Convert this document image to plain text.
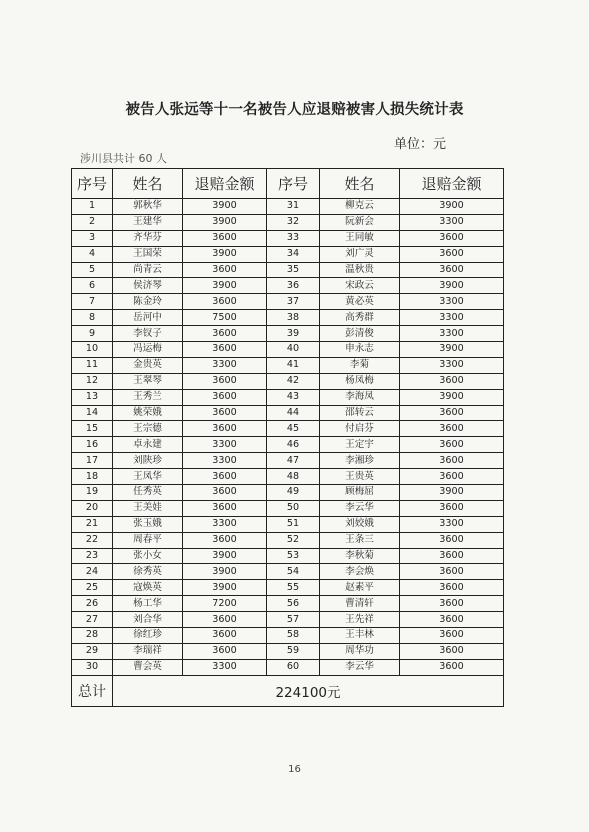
被告人张远等十一名被告人应退赔被害人损失统计表
单位：元
涉川县共计 60 人
序号	姓名	退赔金额	序号	姓名	退赔金额
1	郭秋华	3900	31	柳克云	3900
2	王建华	3900	32	阮新会	3300
3	齐华芬	3600	33	王同敏	3600
4	王国荣	3900	34	刘广灵	3600
5	尚青云	3600	35	温秋贵	3600
6	侯济琴	3900	36	宋政云	3900
7	陈金玲	3600	37	黄必英	3300
8	岳河中	7500	38	高秀群	3300
9	李钗子	3600	39	彭清俊	3300
10	冯运梅	3600	40	申永志	3900
11	金贵英	3300	41	李菊	3300
12	王翠琴	3600	42	杨凤梅	3600
13	王秀兰	3600	43	李海凤	3900
14	姚荣娥	3600	44	邵转云	3600
15	王宗德	3600	45	付启芬	3600
16	卓永建	3300	46	王定宇	3600
17	刘陕珍	3300	47	李湘珍	3600
18	王凤华	3600	48	王贵英	3600
19	任秀英	3600	49	顾梅屈	3900
20	王美娃	3600	50	李云华	3600
21	张玉娥	3300	51	刘姣娥	3300
22	周春平	3600	52	王条三	3600
23	张小女	3900	53	李秋菊	3600
24	徐秀英	3900	54	李会焕	3600
25	寇焕英	3900	55	赵素平	3600
26	杨工华	7200	56	曹清轩	3600
27	刘合华	3600	57	王先祥	3600
28	徐红珍	3600	58	王丰林	3600
29	李瑞祥	3600	59	周华功	3600
30	曹会英	3300	60	李云华	3600
总计	224100元				
16
